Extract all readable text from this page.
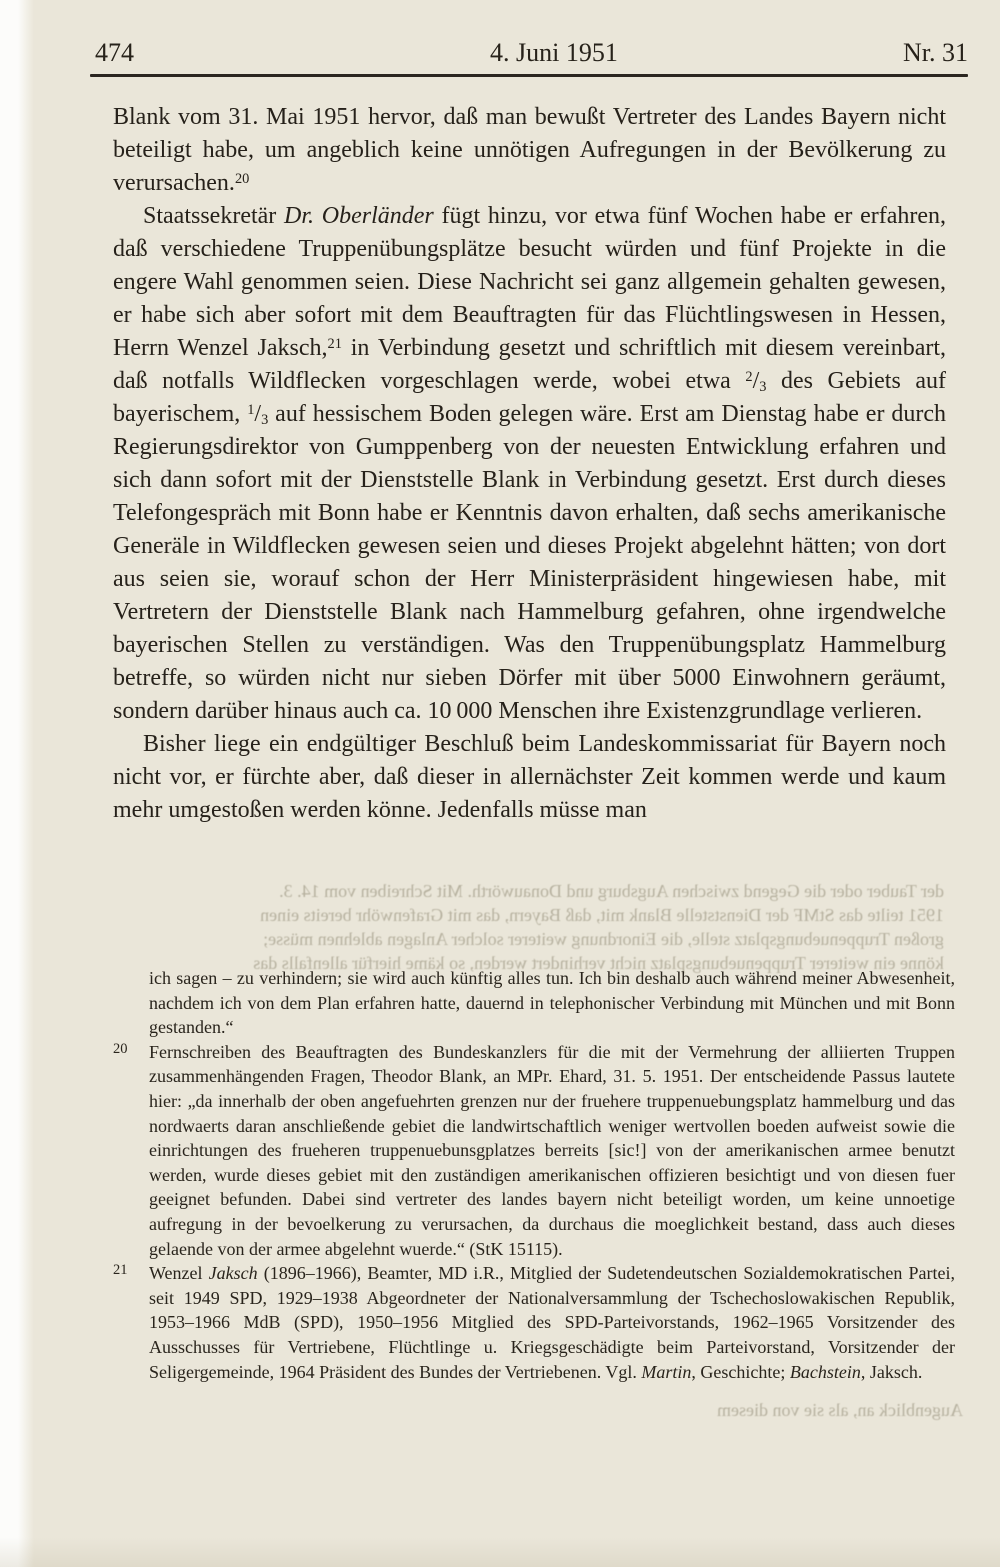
474	4. Juni 1951	Nr. 31

Blank vom 31. Mai 1951 hervor, daß man bewußt Vertreter des Landes Bayern nicht beteiligt habe, um angeblich keine unnötigen Aufregungen in der Bevölkerung zu verursachen.$^{20}$

Staatssekretär Dr. Oberländer fügt hinzu, vor etwa fünf Wochen habe er erfahren, daß verschiedene Truppenübungsplätze besucht würden und fünf Projekte in die engere Wahl genommen seien. Diese Nachricht sei ganz allgemein gehalten gewesen, er habe sich aber sofort mit dem Beauftragten für das Flüchtlingswesen in Hessen, Herrn Wenzel Jaksch,$^{21}$ in Verbindung gesetzt und schriftlich mit diesem vereinbart, daß notfalls Wildflecken vorgeschlagen werde, wobei etwa $^2/_3$ des Gebiets auf bayerischem, $^1/_3$ auf hessischem Boden gelegen wäre. Erst am Dienstag habe er durch Regierungsdirektor von Gumppenberg von der neuesten Entwicklung erfahren und sich dann sofort mit der Dienststelle Blank in Verbindung gesetzt. Erst durch dieses Telefongespräch mit Bonn habe er Kenntnis davon erhalten, daß sechs amerikanische Generäle in Wildflecken gewesen seien und dieses Projekt abgelehnt hätten; von dort aus seien sie, worauf schon der Herr Ministerpräsident hingewiesen habe, mit Vertretern der Dienststelle Blank nach Hammelburg gefahren, ohne irgendwelche bayerischen Stellen zu verständigen. Was den Truppenübungsplatz Hammelburg betreffe, so würden nicht nur sieben Dörfer mit über 5000 Einwohnern geräumt, sondern darüber hinaus auch ca. 10 000 Menschen ihre Existenzgrundlage verlieren.

Bisher liege ein endgültiger Beschluß beim Landeskommissariat für Bayern noch nicht vor, er fürchte aber, daß dieser in allernächster Zeit kommen werde und kaum mehr umgestoßen werden könne. Jedenfalls müsse man

der Tauber oder die Gegend zwischen Augsburg und Donauwörth. Mit Schreiben vom 14. 3.
1951 teilte das StMF der Dienststelle Blank mit, daß Bayern, das mit Grafenwöhr bereits einen
großen Truppenuebungsplatz stelle, die Einordnung weiterer solcher Anlagen ablehnen müsse;
könne ein weiterer Truppenuebungsplatz nicht verhindert werden, so käme hierfür allenfalls das

ich sagen – zu verhindern; sie wird auch künftig alles tun. Ich bin deshalb auch während meiner Abwesenheit, nachdem ich von dem Plan erfahren hatte, dauernd in telephonischer Verbindung mit München und mit Bonn gestanden.“

20 Fernschreiben des Beauftragten des Bundeskanzlers für die mit der Vermehrung der alliierten Truppen zusammenhängenden Fragen, Theodor Blank, an MPr. Ehard, 31. 5. 1951. Der entscheidende Passus lautete hier: „da innerhalb der oben angefuehrten grenzen nur der fruehere truppenuebungsplatz hammelburg und das nordwaerts daran anschließende gebiet die landwirtschaftlich weniger wertvollen boeden aufweist sowie die einrichtungen des frueheren truppenuebunsgplatzes berreits [sic!] von der amerikanischen armee benutzt werden, wurde dieses gebiet mit den zuständigen amerikanischen offizieren besichtigt und von diesen fuer geeignet befunden. Dabei sind vertreter des landes bayern nicht beteiligt worden, um keine unnoetige aufregung in der bevoelkerung zu verursachen, da durchaus die moeglichkeit bestand, dass auch dieses gelaende von der armee abgelehnt wuerde.“ (StK 15115).

21 Wenzel Jaksch (1896–1966), Beamter, MD i.R., Mitglied der Sudetendeutschen Sozialdemokratischen Partei, seit 1949 SPD, 1929–1938 Abgeordneter der Nationalversammlung der Tschechoslowakischen Republik, 1953–1966 MdB (SPD), 1950–1956 Mitglied des SPD-Parteivorstands, 1962–1965 Vorsitzender des Ausschusses für Vertriebene, Flüchtlinge u. Kriegsgeschädigte beim Parteivorstand, Vorsitzender der Seligergemeinde, 1964 Präsident des Bundes der Vertriebenen. Vgl. Martin, Geschichte; Bachstein, Jaksch.

Augenblick an, als sie von diesem
